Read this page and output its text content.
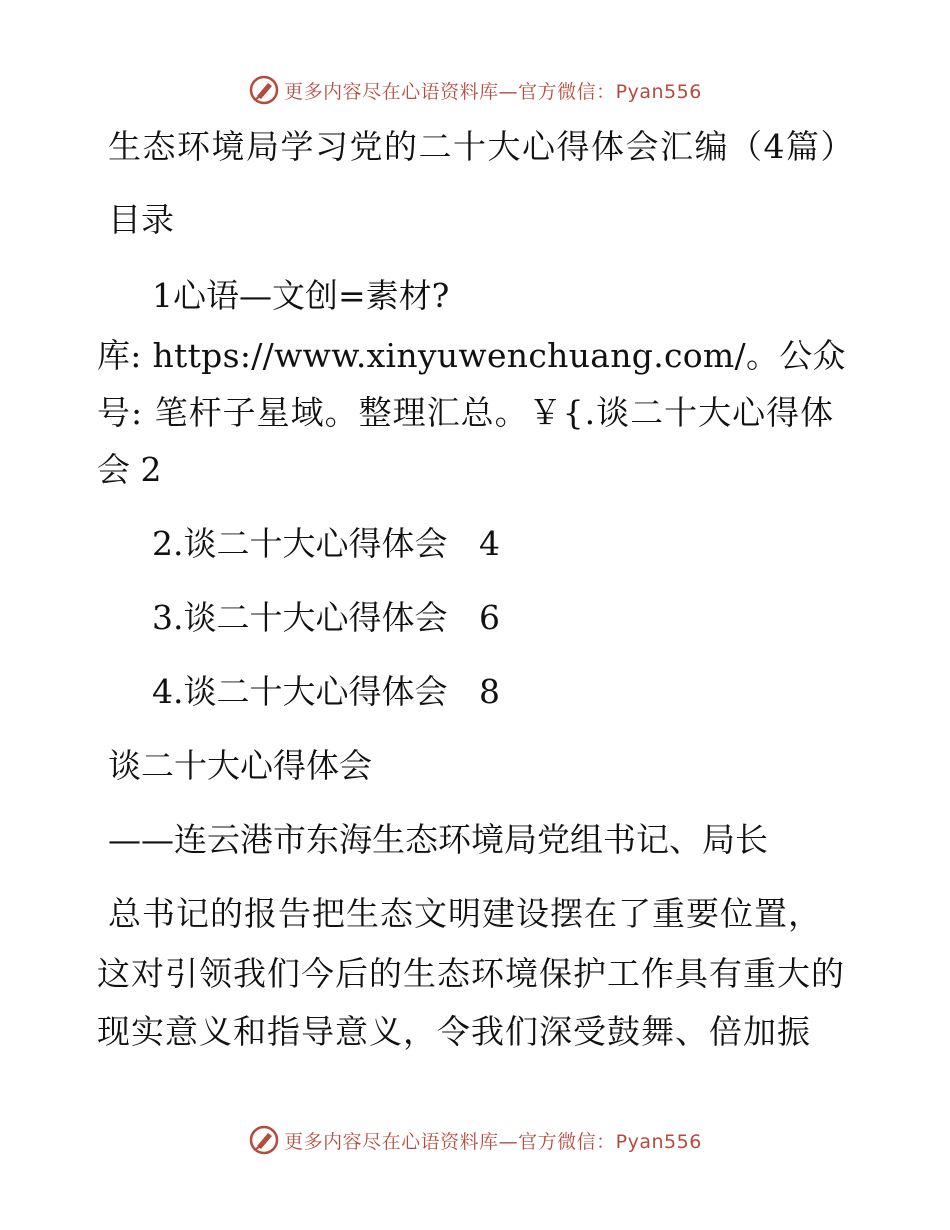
更多内容尽在心语资料库—官方微信：Pyan556
生态环境局学习党的二十大心得体会汇编（4篇）
目录
1心语—文创=素材?
库: https://www.xinyuwenchuang.com/。公众
号: 笔杆子星域。整理汇总。￥{.谈二十大心得体
会 2
2.谈二十大心得体会   4
3.谈二十大心得体会   6
4.谈二十大心得体会   8
谈二十大心得体会
——连云港市东海生态环境局党组书记、局长
总书记的报告把生态文明建设摆在了重要位置，
这对引领我们今后的生态环境保护工作具有重大的
现实意义和指导意义，令我们深受鼓舞、倍加振
更多内容尽在心语资料库—官方微信：Pyan556
